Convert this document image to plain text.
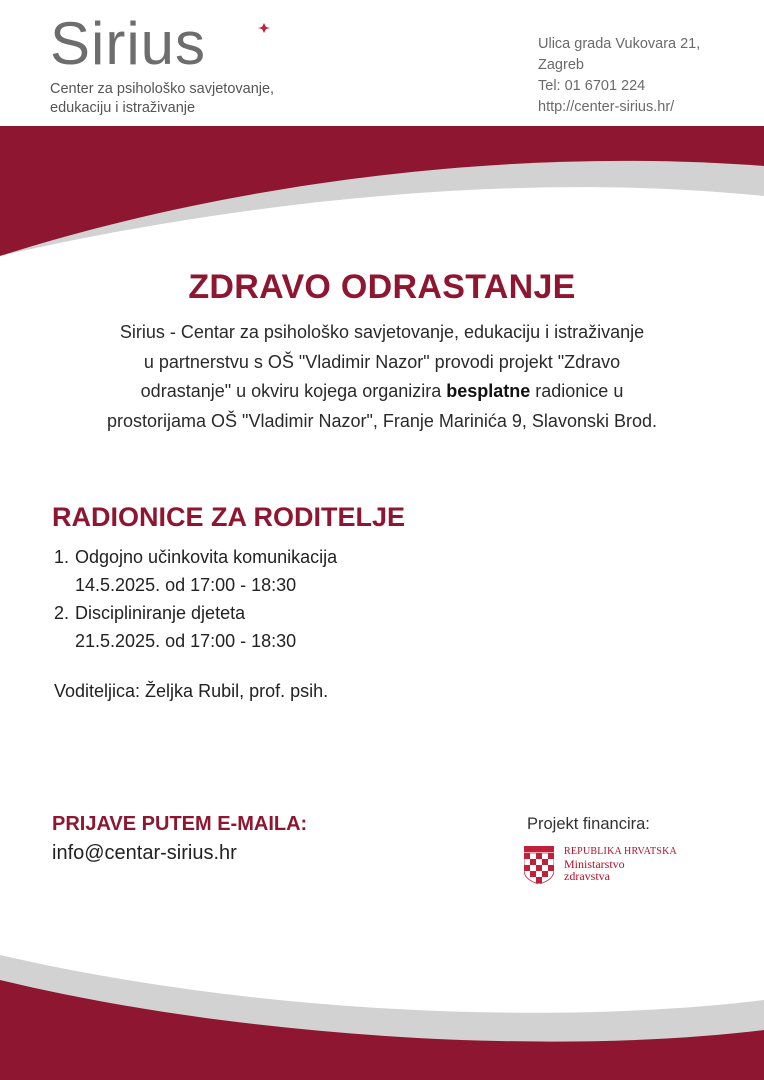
Sirius
Center za psihološko savjetovanje,
edukaciju i istraživanje
Ulica grada Vukovara 21,
Zagreb
Tel: 01 6701 224
http://center-sirius.hr/
ZDRAVO ODRASTANJE
Sirius - Centar za psihološko savjetovanje, edukaciju i istraživanje
u partnerstvu s OŠ "Vladimir Nazor" provodi projekt "Zdravo
odrastanje" u okviru kojega organizira besplatne radionice u
prostorijama OŠ "Vladimir Nazor", Franje Marinića 9, Slavonski Brod.
RADIONICE ZA RODITELJE
1. Odgojno učinkovita komunikacija
14.5.2025. od 17:00 - 18:30
2. Discipliniranje djeteta
21.5.2025. od 17:00 - 18:30
Voditeljica: Željka Rubil, prof. psih.
PRIJAVE PUTEM E-MAILA:
info@centar-sirius.hr
Projekt financira:
REPUBLIKA HRVATSKA
Ministarstvo
zdravstva
